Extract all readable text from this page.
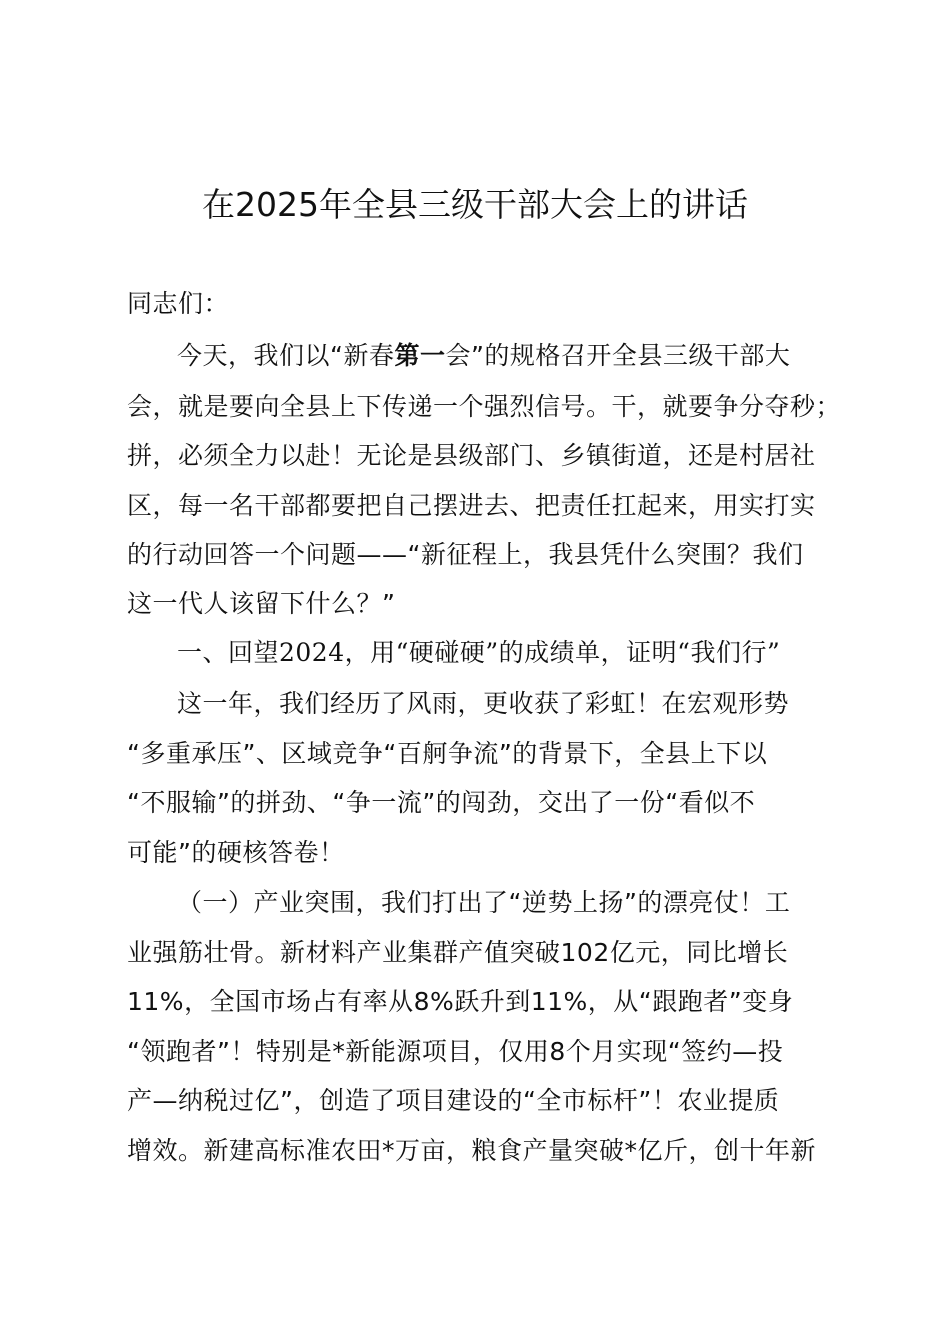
在2025年全县三级干部大会上的讲话
同志们：
今天，我们以“新春第一会”的规格召开全县三级干部大
会，就是要向全县上下传递一个强烈信号。干，就要争分夺秒；
拼，必须全力以赴！无论是县级部门、乡镇街道，还是村居社
区，每一名干部都要把自己摆进去、把责任扛起来，用实打实
的行动回答一个问题——“新征程上，我县凭什么突围？我们
这一代人该留下什么？”
一、回望2024，用“硬碰硬”的成绩单，证明“我们行”
这一年，我们经历了风雨，更收获了彩虹！在宏观形势
“多重承压”、区域竞争“百舸争流”的背景下，全县上下以
“不服输”的拼劲、“争一流”的闯劲，交出了一份“看似不
可能”的硬核答卷！
（一）产业突围，我们打出了“逆势上扬”的漂亮仗！工
业强筋壮骨。新材料产业集群产值突破102亿元，同比增长
11%，全国市场占有率从8%跃升到11%，从“跟跑者”变身
“领跑者”！特别是*新能源项目，仅用8个月实现“签约—投
产—纳税过亿”，创造了项目建设的“全市标杆”！农业提质
增效。新建高标准农田*万亩，粮食产量突破*亿斤，创十年新
